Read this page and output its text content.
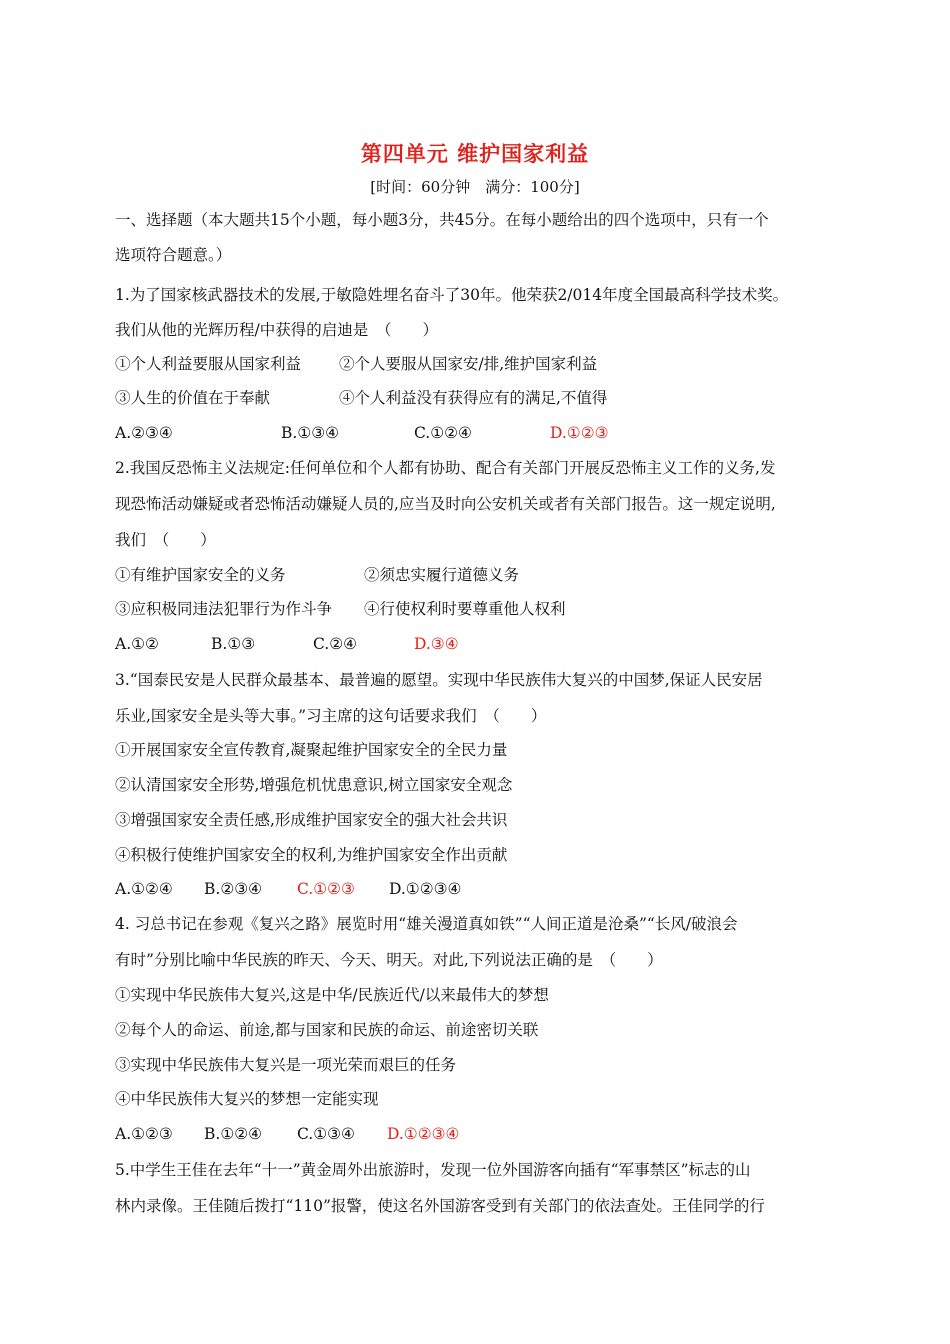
第四单元 维护国家利益
[时间：60分钟　满分：100分]
一、选择题（本大题共15个小题，每小题3分，共45分。在每小题给出的四个选项中，只有一个
选项符合题意。）
1.为了国家核武器技术的发展,于敏隐姓埋名奋斗了30年。他荣获2/014年度全国最高科学技术奖。
我们从他的光辉历程/中获得的启迪是　（　　）
①个人利益要服从国家利益 ②个人要服从国家安/排,维护国家利益
③人生的价值在于奉献	④个人利益没有获得应有的满足,不值得
A.②③④	B.①③④	C.①②④	D.①②③
2.我国反恐怖主义法规定:任何单位和个人都有协助、配合有关部门开展反恐怖主义工作的义务,发
现恐怖活动嫌疑或者恐怖活动嫌疑人员的,应当及时向公安机关或者有关部门报告。这一规定说明,
我们　（　　）
①有维护国家安全的义务	②须忠实履行道德义务
③应积极同违法犯罪行为作斗争 ④行使权利时要尊重他人权利
A.①②	B.①③	C.②④	D.③④
3.“国泰民安是人民群众最基本、最普遍的愿望。实现中华民族伟大复兴的中国梦,保证人民安居
乐业,国家安全是头等大事。”习主席的这句话要求我们　（　　）
①开展国家安全宣传教育,凝聚起维护国家安全的全民力量
②认清国家安全形势,增强危机忧患意识,树立国家安全观念
③增强国家安全责任感,形成维护国家安全的强大社会共识
④积极行使维护国家安全的权利,为维护国家安全作出贡献
A.①②④ B.②③④ C.①②③ D.①②③④
4. 习总书记在参观《复兴之路》展览时用“雄关漫道真如铁”“人间正道是沧桑”“长风/破浪会
有时”分别比喻中华民族的昨天、今天、明天。对此,下列说法正确的是　（　　）
①实现中华民族伟大复兴,这是中华/民族近代/以来最伟大的梦想
②每个人的命运、前途,都与国家和民族的命运、前途密切关联
③实现中华民族伟大复兴是一项光荣而艰巨的任务
④中华民族伟大复兴的梦想一定能实现
A.①②③ B.①②④ C.①③④ D.①②③④
5.中学生王佳在去年“十一”黄金周外出旅游时，发现一位外国游客向插有“军事禁区”标志的山
林内录像。王佳随后拨打“110”报警，使这名外国游客受到有关部门的依法查处。王佳同学的行
